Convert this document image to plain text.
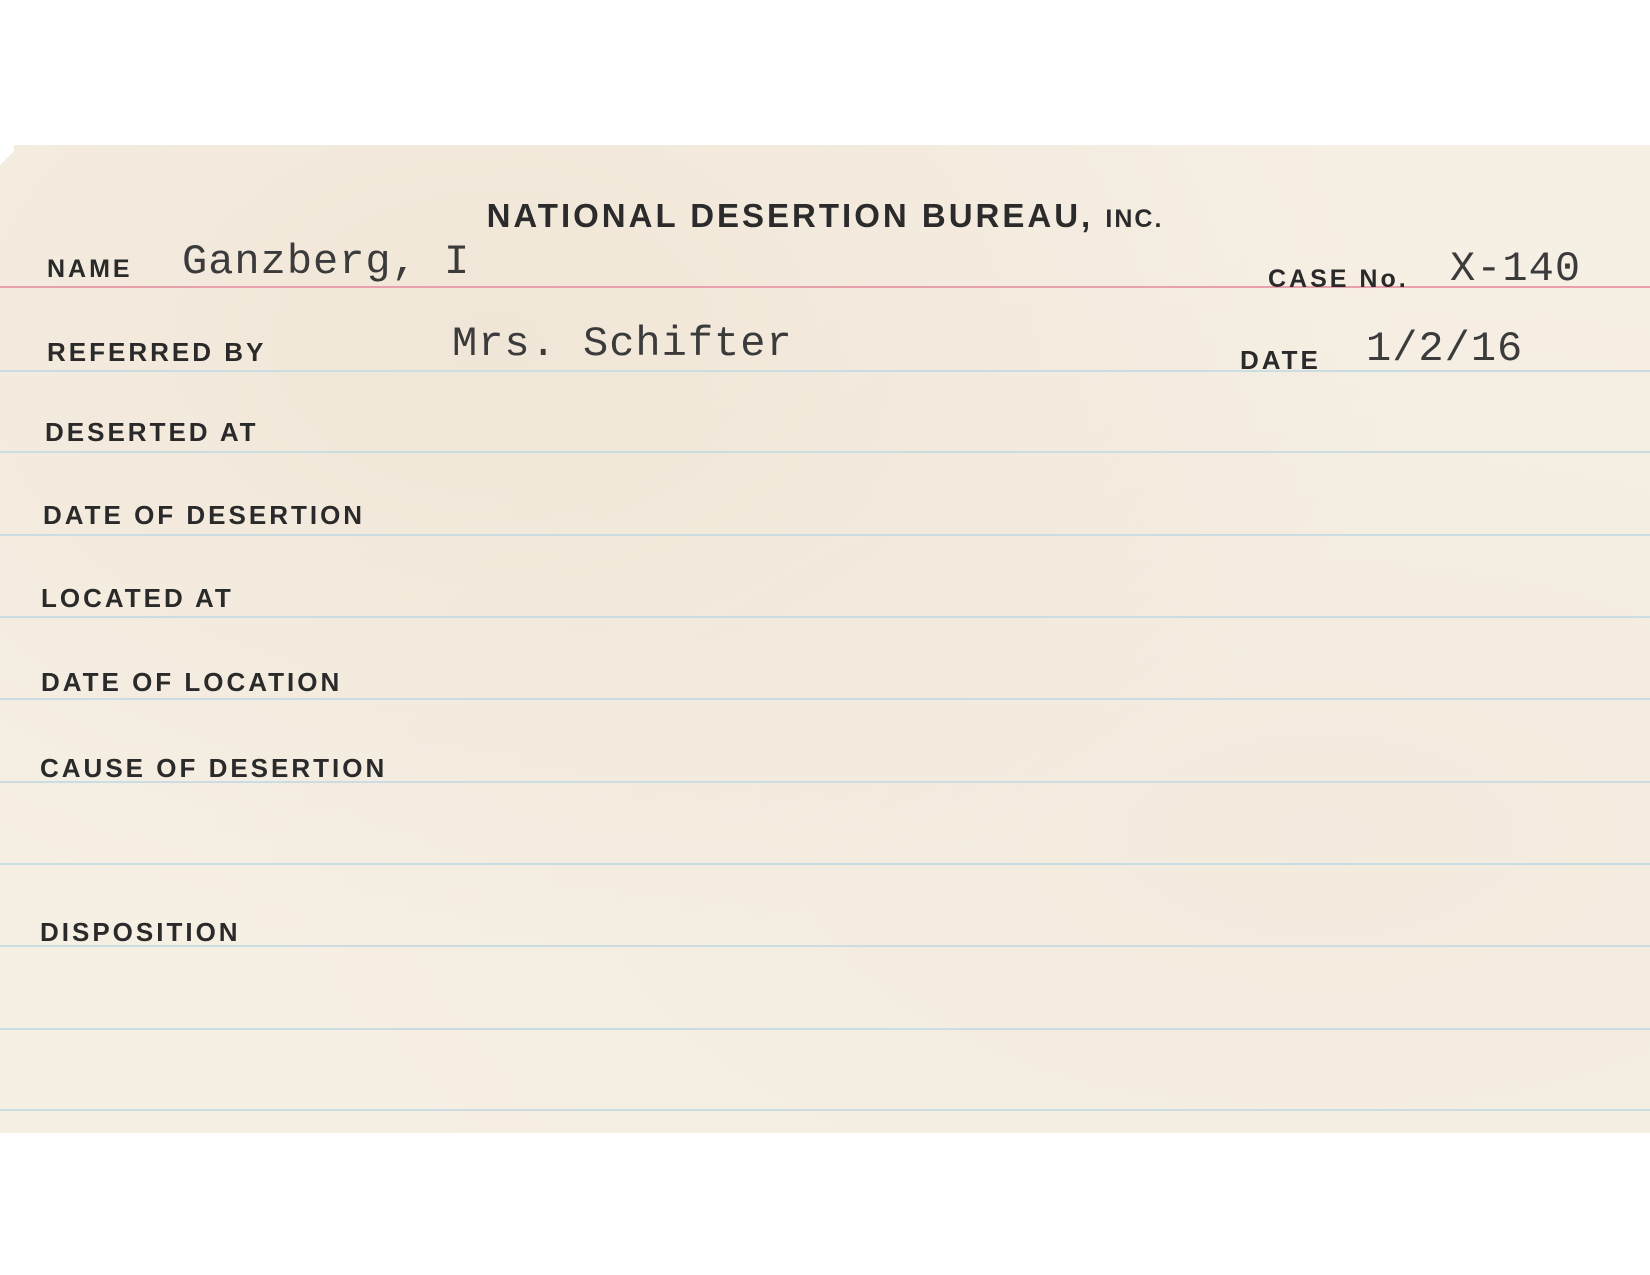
NATIONAL DESERTION BUREAU, INC.
NAME Ganzberg, I	CASE No. X-140
REFERRED BY	Mrs. Schifter	DATE 1/2/16
DESERTED AT
DATE OF DESERTION
LOCATED AT
DATE OF LOCATION
CAUSE OF DESERTION
DISPOSITION
